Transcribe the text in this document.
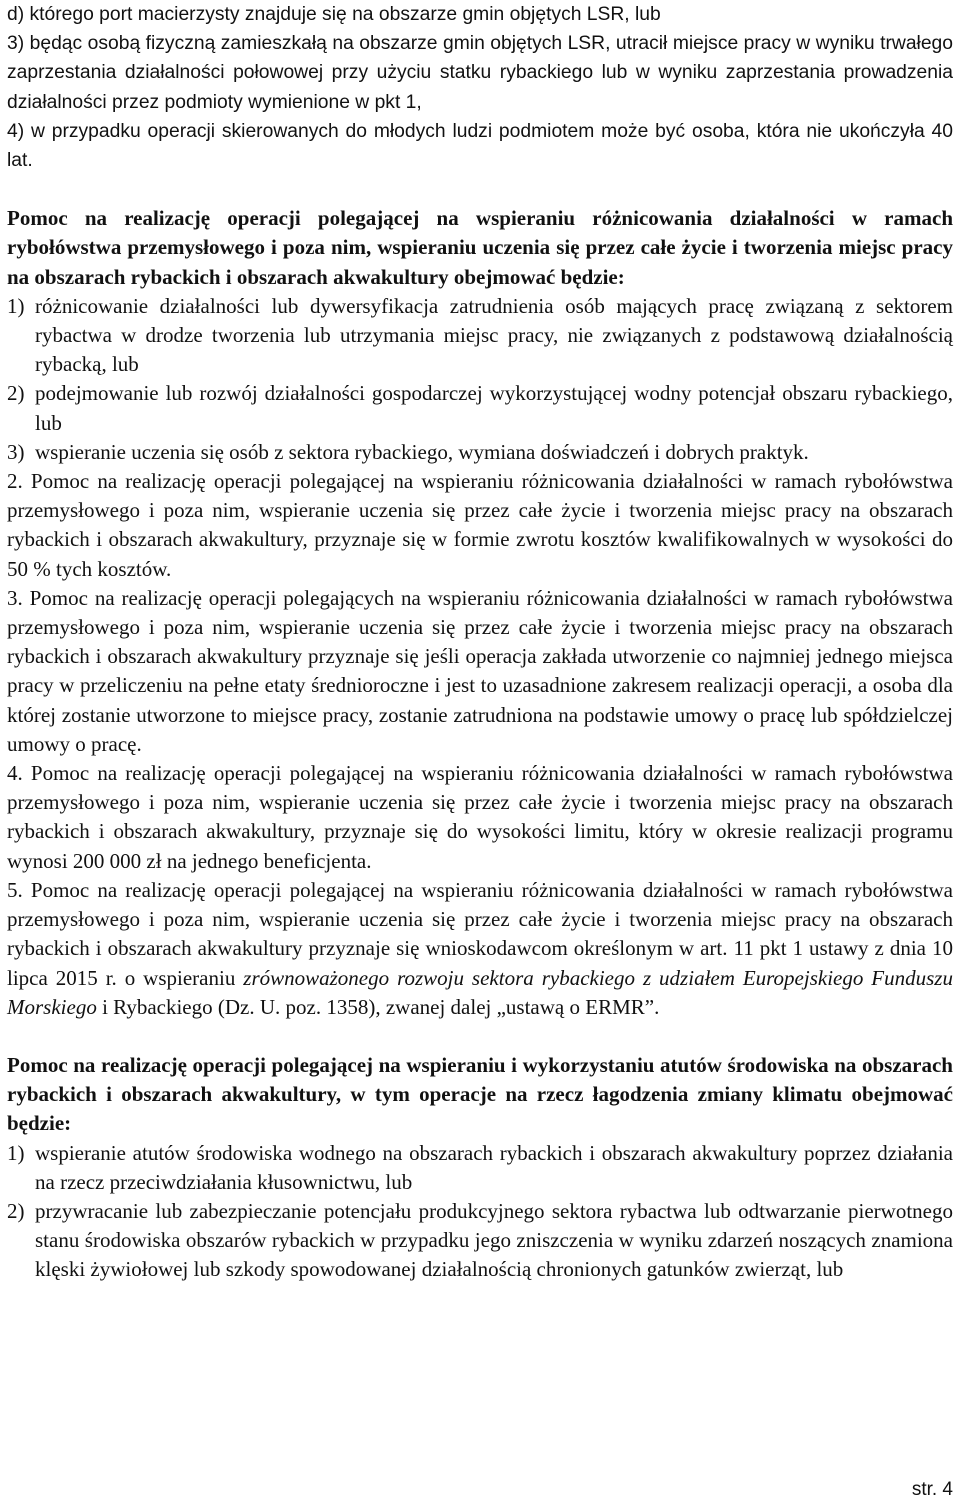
d) którego port macierzysty znajduje się na obszarze gmin objętych LSR, lub

3) będąc osobą fizyczną zamieszkałą na obszarze gmin objętych LSR, utracił miejsce pracy w wyniku trwałego zaprzestania działalności połowowej przy użyciu statku rybackiego lub w wyniku zaprzestania prowadzenia działalności przez podmioty wymienione w pkt 1,

4) w przypadku operacji skierowanych do młodych ludzi podmiotem może być osoba, która nie ukończyła 40 lat.

Pomoc na realizację operacji polegającej na wspieraniu różnicowania działalności w ramach rybołówstwa przemysłowego i poza nim, wspieraniu uczenia się przez całe życie i tworzenia miejsc pracy na obszarach rybackich i obszarach akwakultury obejmować będzie:

1) różnicowanie działalności lub dywersyfikacja zatrudnienia osób mających pracę związaną z sektorem rybactwa w drodze tworzenia lub utrzymania miejsc pracy, nie związanych z podstawową działalnością rybacką, lub
2) podejmowanie lub rozwój działalności gospodarczej wykorzystującej wodny potencjał obszaru rybackiego, lub
3) wspieranie uczenia się osób z sektora rybackiego, wymiana doświadczeń i dobrych praktyk.

2. Pomoc na realizację operacji polegającej na wspieraniu różnicowania działalności w ramach rybołówstwa przemysłowego i poza nim, wspieranie uczenia się przez całe życie i tworzenia miejsc pracy na obszarach rybackich i obszarach akwakultury, przyznaje się w formie zwrotu kosztów kwalifikowalnych w wysokości do 50 % tych kosztów.

3. Pomoc na realizację operacji polegających na wspieraniu różnicowania działalności w ramach rybołówstwa przemysłowego i poza nim, wspieranie uczenia się przez całe życie i tworzenia miejsc pracy na obszarach rybackich i obszarach akwakultury przyznaje się jeśli operacja zakłada utworzenie co najmniej jednego miejsca pracy w przeliczeniu na pełne etaty średnioroczne i jest to uzasadnione zakresem realizacji operacji, a osoba dla której zostanie utworzone to miejsce pracy, zostanie zatrudniona na podstawie umowy o pracę lub spółdzielczej umowy o pracę.

4. Pomoc na realizację operacji polegającej na wspieraniu różnicowania działalności w ramach rybołówstwa przemysłowego i poza nim, wspieranie uczenia się przez całe życie i tworzenia miejsc pracy na obszarach rybackich i obszarach akwakultury, przyznaje się do wysokości limitu, który w okresie realizacji programu wynosi 200 000 zł na jednego beneficjenta.

5. Pomoc na realizację operacji polegającej na wspieraniu różnicowania działalności w ramach rybołówstwa przemysłowego i poza nim, wspieranie uczenia się przez całe życie i tworzenia miejsc pracy na obszarach rybackich i obszarach akwakultury przyznaje się wnioskodawcom określonym w art. 11 pkt 1 ustawy z dnia 10 lipca 2015 r. o wspieraniu zrównoważonego rozwoju sektora rybackiego z udziałem Europejskiego Funduszu Morskiego i Rybackiego (Dz. U. poz. 1358), zwanej dalej „ustawą o ERMR”.

Pomoc na realizację operacji polegającej na wspieraniu i wykorzystaniu atutów środowiska na obszarach rybackich i obszarach akwakultury, w tym operacje na rzecz łagodzenia zmiany klimatu obejmować będzie:

1) wspieranie atutów środowiska wodnego na obszarach rybackich i obszarach akwakultury poprzez działania na rzecz przeciwdziałania kłusownictwu, lub
2) przywracanie lub zabezpieczanie potencjału produkcyjnego sektora rybactwa lub odtwarzanie pierwotnego stanu środowiska obszarów rybackich w przypadku jego zniszczenia w wyniku zdarzeń noszących znamiona klęski żywiołowej lub szkody spowodowanej działalnością chronionych gatunków zwierząt, lub
str. 4
